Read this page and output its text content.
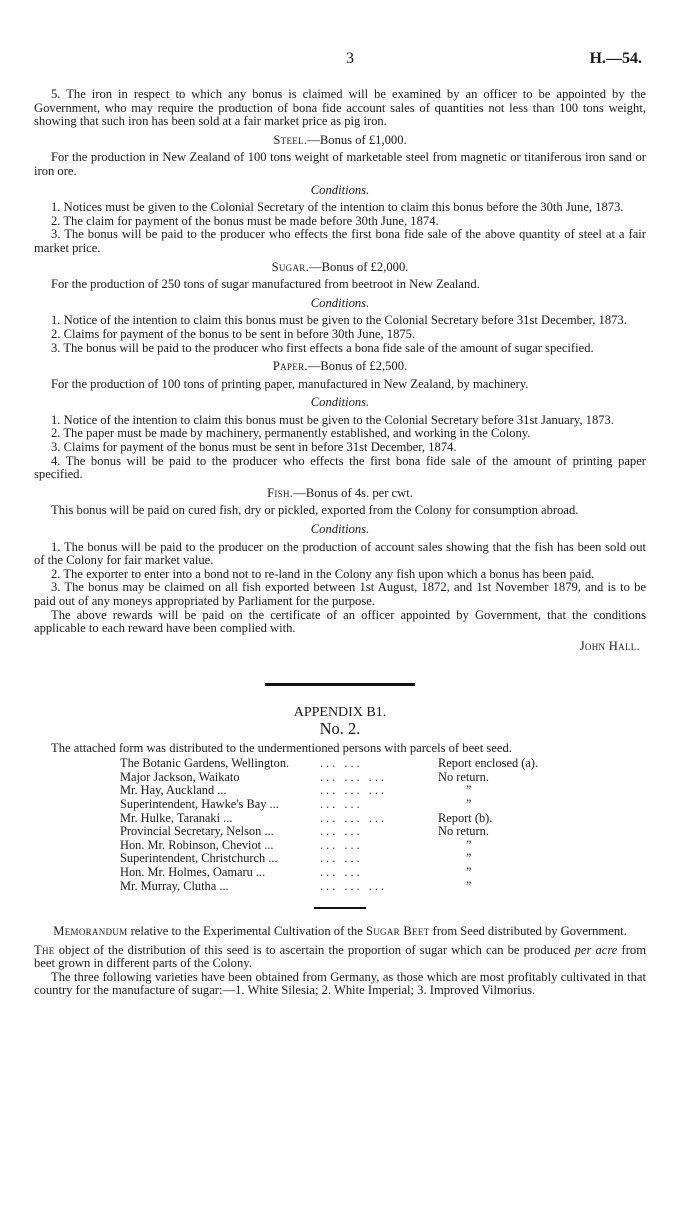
3	H.—54.

5. The iron in respect to which any bonus is claimed will be examined by an officer to be appointed by the Government, who may require the production of bona fide account sales of quantities not less than 100 tons weight, showing that such iron has been sold at a fair market price as pig iron.

Steel.—Bonus of £1,000.

For the production in New Zealand of 100 tons weight of marketable steel from magnetic or titaniferous iron sand or iron ore.

Conditions.

1. Notices must be given to the Colonial Secretary of the intention to claim this bonus before the 30th June, 1873.

2. The claim for payment of the bonus must be made before 30th June, 1874.

3. The bonus will be paid to the producer who effects the first bona fide sale of the above quantity of steel at a fair market price.

Sugar.—Bonus of £2,000.

For the production of 250 tons of sugar manufactured from beetroot in New Zealand.

Conditions.

1. Notice of the intention to claim this bonus must be given to the Colonial Secretary before 31st December, 1873.

2. Claims for payment of the bonus to be sent in before 30th June, 1875.

3. The bonus will be paid to the producer who first effects a bona fide sale of the amount of sugar specified.

Paper.—Bonus of £2,500.

For the production of 100 tons of printing paper, manufactured in New Zealand, by machinery.

Conditions.

1. Notice of the intention to claim this bonus must be given to the Colonial Secretary before 31st January, 1873.

2. The paper must be made by machinery, permanently established, and working in the Colony.

3. Claims for payment of the bonus must be sent in before 31st December, 1874.

4. The bonus will be paid to the producer who effects the first bona fide sale of the amount of printing paper specified.

Fish.—Bonus of 4s. per cwt.

This bonus will be paid on cured fish, dry or pickled, exported from the Colony for consumption abroad.

Conditions.

1. The bonus will be paid to the producer on the production of account sales showing that the fish has been sold out of the Colony for fair market value.

2. The exporter to enter into a bond not to re-land in the Colony any fish upon which a bonus has been paid.

3. The bonus may be claimed on all fish exported between 1st August, 1872, and 1st November 1879, and is to be paid out of any moneys appropriated by Parliament for the purpose.

The above rewards will be paid on the certificate of an officer appointed by Government, that the conditions applicable to each reward have been complied with.

John Hall.
APPENDIX B1.
No. 2.

The attached form was distributed to the undermentioned persons with parcels of beet seed.

The Botanic Gardens, Wellington.	... ...	Report enclosed (a).
Major Jackson, Waikato	... ... ...	No return.
Mr. Hay, Auckland ...	... ... ...	”
Superintendent, Hawke's Bay ...	... ...	”
Mr. Hulke, Taranaki ...	... ... ...	Report (b).
Provincial Secretary, Nelson ...	... ...	No return.
Hon. Mr. Robinson, Cheviot ...	... ...	”
Superintendent, Christchurch ...	... ...	”
Hon. Mr. Holmes, Oamaru ...	... ...	”
Mr. Murray, Clutha ...	... ... ...	”

Memorandum relative to the Experimental Cultivation of the Sugar Beet from Seed distributed by Government.

The object of the distribution of this seed is to ascertain the proportion of sugar which can be produced per acre from beet grown in different parts of the Colony.

The three following varieties have been obtained from Germany, as those which are most profitably cultivated in that country for the manufacture of sugar:—1. White Silesia; 2. White Imperial; 3. Improved Vilmorius.
